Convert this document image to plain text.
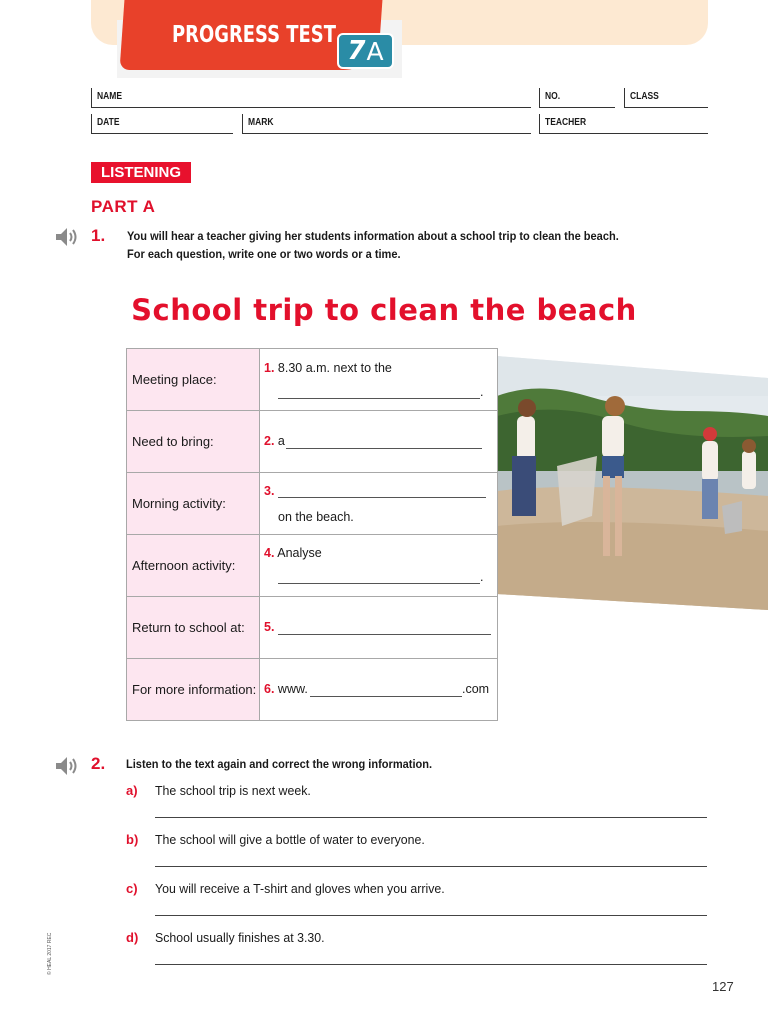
PROGRESS TEST
7 A
NAME	NO.	CLASS
DATE	MARK	TEACHER
LISTENING
PART A
1. You will hear a teacher giving her students information about a school trip to clean the beach.
For each question, write one or two words or a time.
School trip to clean the beach
Meeting place:	1. 8.30 a.m. next to the
.

Need to bring:	2. a

Morning activity:	3.
on the beach.

Afternoon activity:	4. Analyse
.

Return to school at:	5.

For more information:	6. www. .com
2. Listen to the text again and correct the wrong information.
a) The school trip is next week.
b) The school will give a bottle of water to everyone.
c) You will receive a T-shirt and gloves when you arrive.
d) School usually finishes at 3.30.
© HEAL 2017 REC
127
